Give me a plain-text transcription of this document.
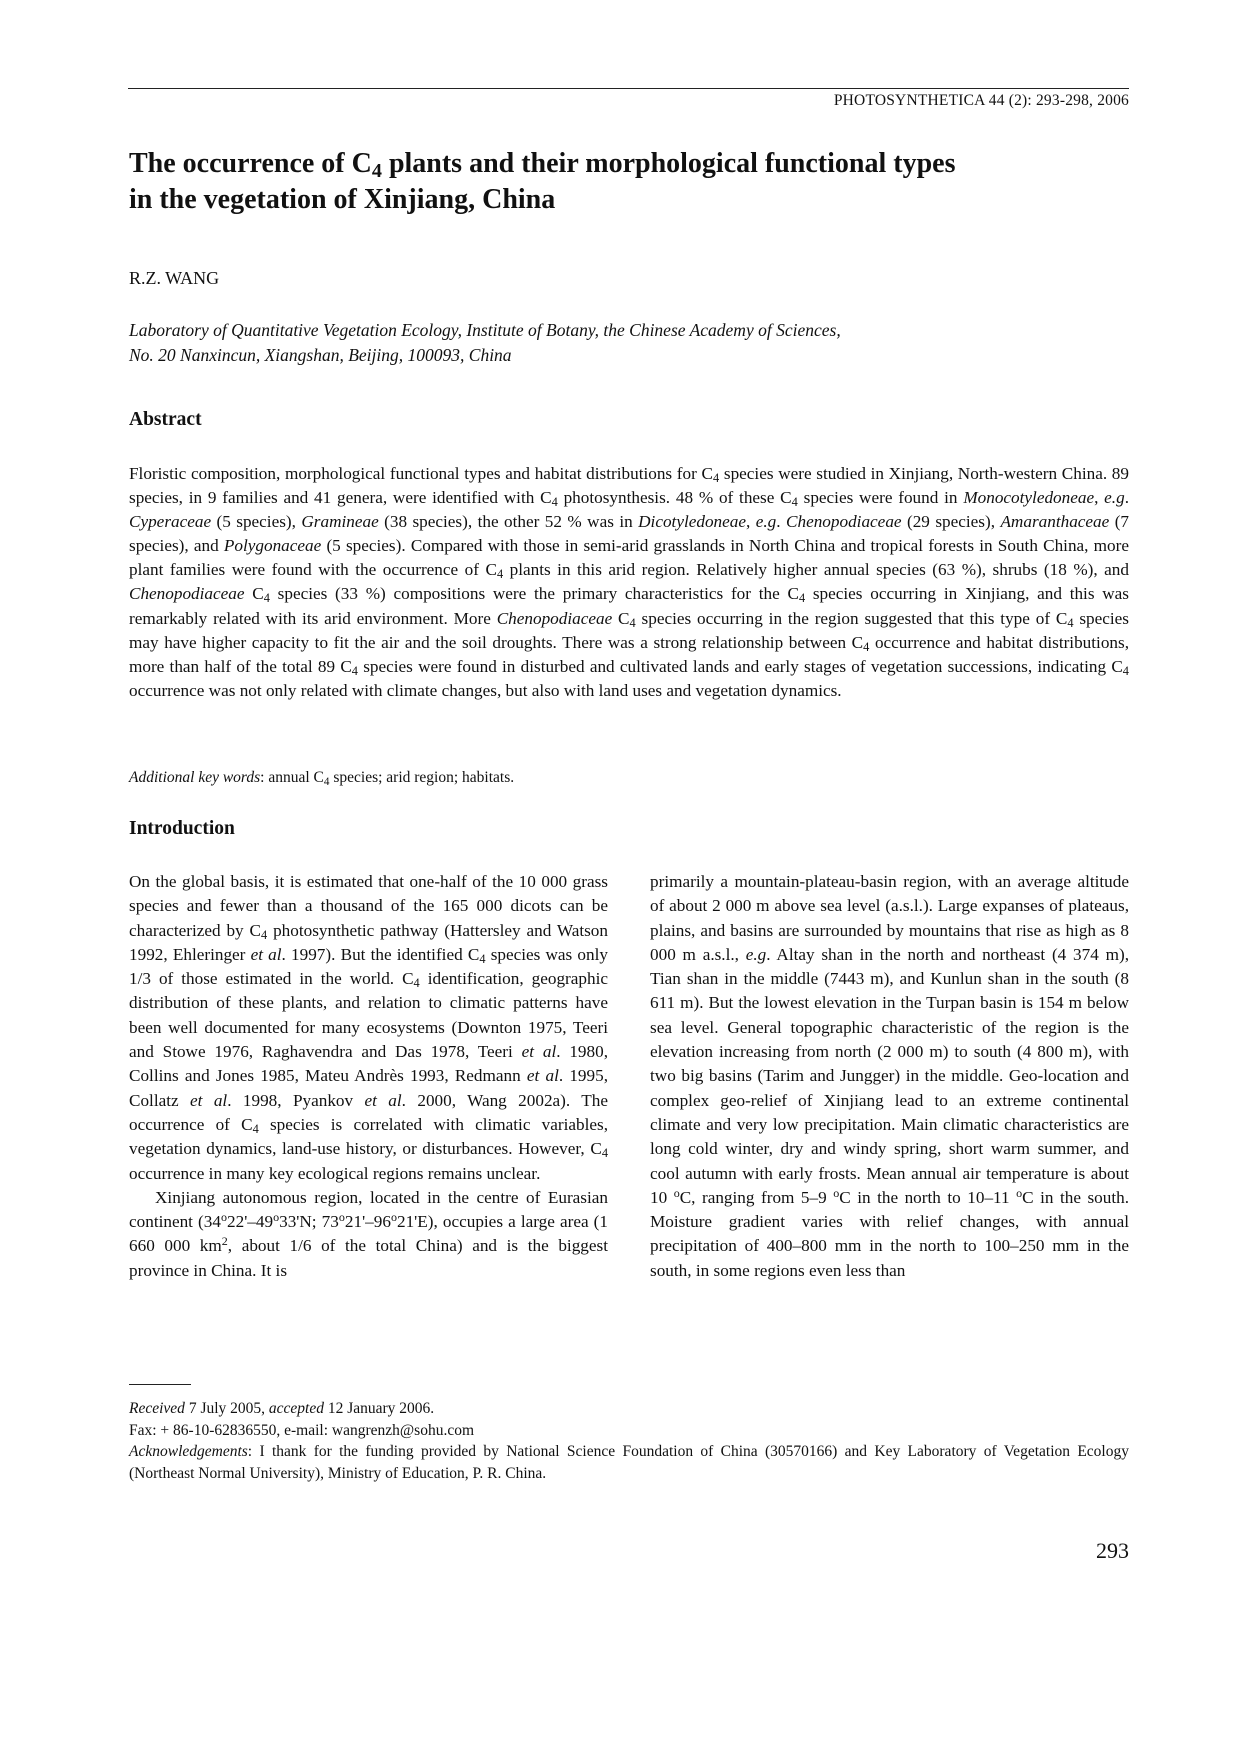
PHOTOSYNTHETICA 44 (2): 293-298, 2006
The occurrence of $C_4$ plants and their morphological functional types
in the vegetation of Xinjiang, China
R.Z. WANG
Laboratory of Quantitative Vegetation Ecology, Institute of Botany, the Chinese Academy of Sciences,
No. 20 Nanxincun, Xiangshan, Beijing, 100093, China
Abstract
Floristic composition, morphological functional types and habitat distributions for $C_4$ species were studied in Xinjiang, North-western China. 89 species, in 9 families and 41 genera, were identified with $C_4$ photosynthesis. 48 % of these $C_4$ species were found in Monocotyledoneae, e.g. Cyperaceae (5 species), Gramineae (38 species), the other 52 % was in Dicotyledoneae, e.g. Chenopodiaceae (29 species), Amaranthaceae (7 species), and Polygonaceae (5 species). Compared with those in semi-arid grasslands in North China and tropical forests in South China, more plant families were found with the occurrence of $C_4$ plants in this arid region. Relatively higher annual species (63 %), shrubs (18 %), and Chenopodiaceae $C_4$ species (33 %) compositions were the primary characteristics for the $C_4$ species occurring in Xinjiang, and this was remarkably related with its arid environment. More Chenopodiaceae $C_4$ species occurring in the region suggested that this type of $C_4$ species may have higher capacity to fit the air and the soil droughts. There was a strong relationship between $C_4$ occurrence and habitat distributions, more than half of the total 89 $C_4$ species were found in disturbed and cultivated lands and early stages of vegetation successions, indicating $C_4$ occurrence was not only related with climate changes, but also with land uses and vegetation dynamics.
Additional key words: annual $C_4$ species; arid region; habitats.
Introduction

On the global basis, it is estimated that one-half of the 10 000 grass species and fewer than a thousand of the 165 000 dicots can be characterized by $C_4$ photosynthetic pathway (Hattersley and Watson 1992, Ehleringer et al. 1997). But the identified $C_4$ species was only 1/3 of those estimated in the world. $C_4$ identification, geographic distribution of these plants, and relation to climatic patterns have been well documented for many ecosystems (Downton 1975, Teeri and Stowe 1976, Raghavendra and Das 1978, Teeri et al. 1980, Collins and Jones 1985, Mateu Andrès 1993, Redmann et al. 1995, Collatz et al. 1998, Pyankov et al. 2000, Wang 2002a). The occurrence of $C_4$ species is correlated with climatic variables, vegetation dynamics, land-use history, or disturbances. However, $C_4$ occurrence in many key ecological regions remains unclear.

Xinjiang autonomous region, located in the centre of Eurasian continent (34$^o$22'–49$^o$33'N; 73$^o$21'–96$^o$21'E), occupies a large area (1 660 000 $km^2$, about 1/6 of the total China) and is the biggest province in China. It is

primarily a mountain-plateau-basin region, with an average altitude of about 2 000 m above sea level (a.s.l.). Large expanses of plateaus, plains, and basins are surrounded by mountains that rise as high as 8 000 m a.s.l., e.g. Altay shan in the north and northeast (4 374 m), Tian shan in the middle (7443 m), and Kunlun shan in the south (8 611 m). But the lowest elevation in the Turpan basin is 154 m below sea level. General topographic characteristic of the region is the elevation increasing from north (2 000 m) to south (4 800 m), with two big basins (Tarim and Jungger) in the middle. Geo-location and complex geo-relief of Xinjiang lead to an extreme continental climate and very low precipitation. Main climatic characteristics are long cold winter, dry and windy spring, short warm summer, and cool autumn with early frosts. Mean annual air temperature is about 10 $^o$C, ranging from 5–9 $^o$C in the north to 10–11 $^o$C in the south. Moisture gradient varies with relief changes, with annual precipitation of 400–800 mm in the north to 100–250 mm in the south, in some regions even less than

Received 7 July 2005, accepted 12 January 2006.
Fax: + 86-10-62836550, e-mail: wangrenzh@sohu.com
Acknowledgements: I thank for the funding provided by National Science Foundation of China (30570166) and Key Laboratory of Vegetation Ecology (Northeast Normal University), Ministry of Education, P. R. China.
293
